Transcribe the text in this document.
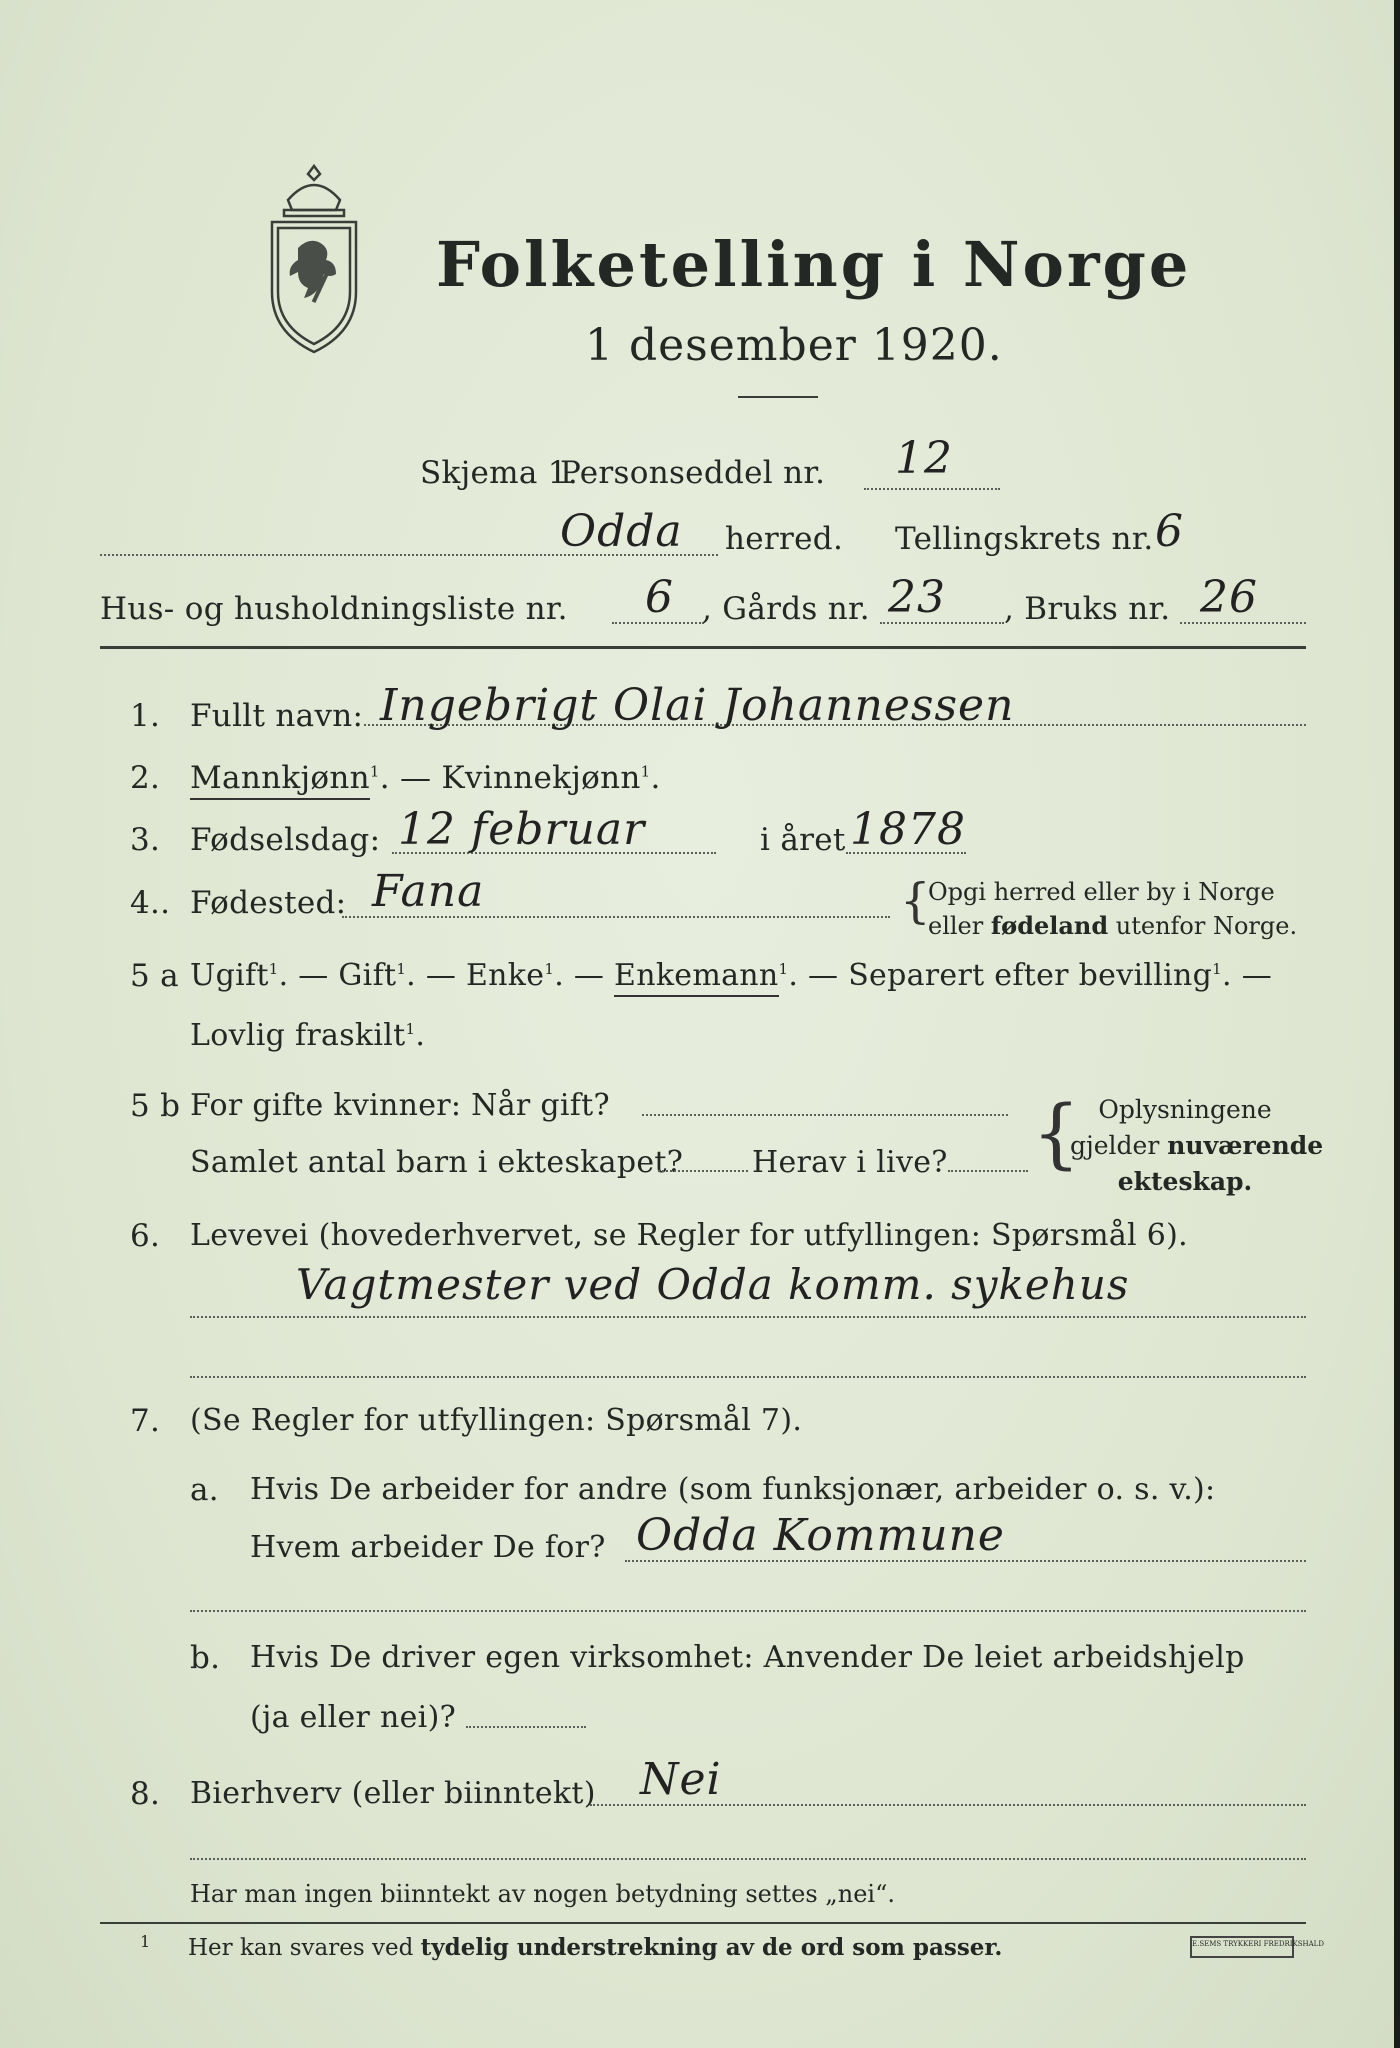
Folketelling i Norge
1 desember 1920.
Skjema 1.
Personseddel nr. 12
Odda herred. Tellingskrets nr. 6
Hus- og husholdningsliste nr. 6 , Gårds nr. 23 , Bruks nr. 26
1. Fullt navn: Ingebrigt Olai Johannessen
2. Mannkjønn$^1$. — Kvinnekjønn$^1$.
3. Fødselsdag: 12 februar	i året 1878
4.. Fødested: Fana	{
Opgi herred eller by i Norge
eller fødeland utenfor Norge.
5 a Ugift$^1$. — Gift$^1$. — Enke$^1$. — Enkemann$^1$. — Separert efter bevilling$^1$. —
Lovlig fraskilt$^1$.
5 b For gifte kvinner: Når gift?
Samlet antal barn i ekteskapet? Herav i live? { Oplysningene
gjelder nuværende
ekteskap.
6. Levevei (hovederhvervet, se Regler for utfyllingen: Spørsmål 6).
Vagtmester ved Odda komm. sykehus
7. (Se Regler for utfyllingen: Spørsmål 7).
a. Hvis De arbeider for andre (som funksjonær, arbeider o. s. v.):
Hvem arbeider De for? Odda Kommune
b. Hvis De driver egen virksomhet: Anvender De leiet arbeidshjelp
(ja eller nei)?
8. Bierhverv (eller biinntekt) Nei
Har man ingen biinntekt av nogen betydning settes „nei“.
1 Her kan svares ved tydelig understrekning av de ord som passer.	E.SEMS TRYKKERI FREDRIKSHALD
